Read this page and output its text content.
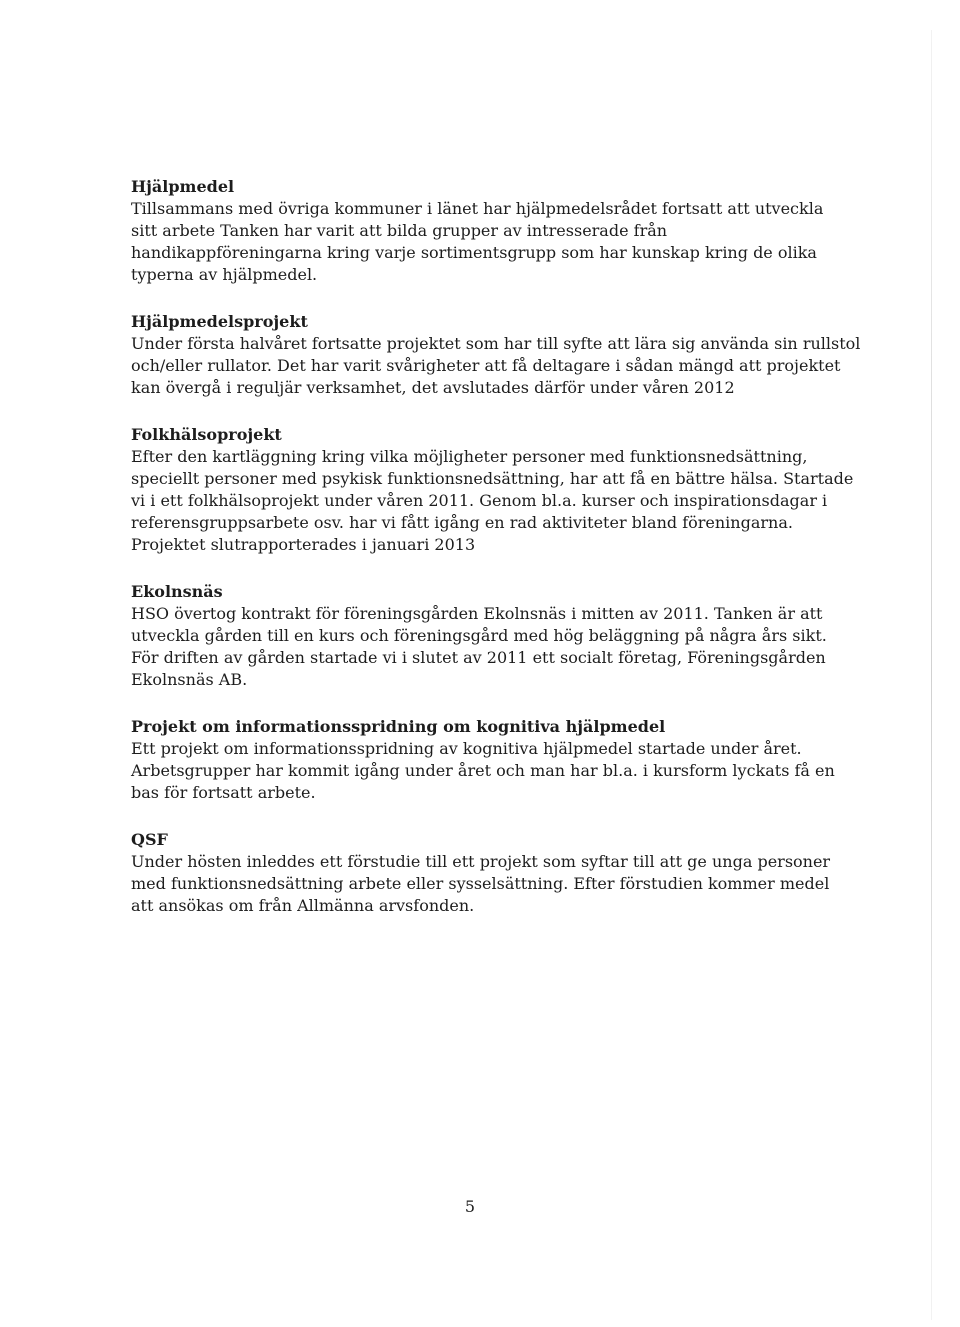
Hjälpmedel

Tillsammans med övriga kommuner i länet har hjälpmedelsrådet fortsatt att utveckla
sitt arbete Tanken har varit att bilda grupper av intresserade från
handikappföreningarna kring varje sortimentsgrupp som har kunskap kring de olika
typerna av hjälpmedel.

Hjälpmedelsprojekt

Under första halvåret fortsatte projektet som har till syfte att lära sig använda sin rullstol
och/eller rullator. Det har varit svårigheter att få deltagare i sådan mängd att projektet
kan övergå i reguljär verksamhet, det avslutades därför under våren 2012

Folkhälsoprojekt

Efter den kartläggning kring vilka möjligheter personer med funktionsnedsättning,
speciellt personer med psykisk funktionsnedsättning, har att få en bättre hälsa. Startade
vi i ett folkhälsoprojekt under våren 2011. Genom bl.a. kurser och inspirationsdagar i
referensgruppsarbete osv. har vi fått igång en rad aktiviteter bland föreningarna.
Projektet slutrapporterades i januari 2013

Ekolnsnäs

HSO övertog kontrakt för föreningsgården Ekolnsnäs i mitten av 2011. Tanken är att
utveckla gården till en kurs och föreningsgård med hög beläggning på några års sikt.
För driften av gården startade vi i slutet av 2011 ett socialt företag, Föreningsgården
Ekolnsnäs AB.

Projekt om informationsspridning om kognitiva hjälpmedel

Ett projekt om informationsspridning av kognitiva hjälpmedel startade under året.
Arbetsgrupper har kommit igång under året och man har bl.a. i kursform lyckats få en
bas för fortsatt arbete.

QSF

Under hösten inleddes ett förstudie till ett projekt som syftar till att ge unga personer
med funktionsnedsättning arbete eller sysselsättning. Efter förstudien kommer medel
att ansökas om från Allmänna arvsfonden.

5
